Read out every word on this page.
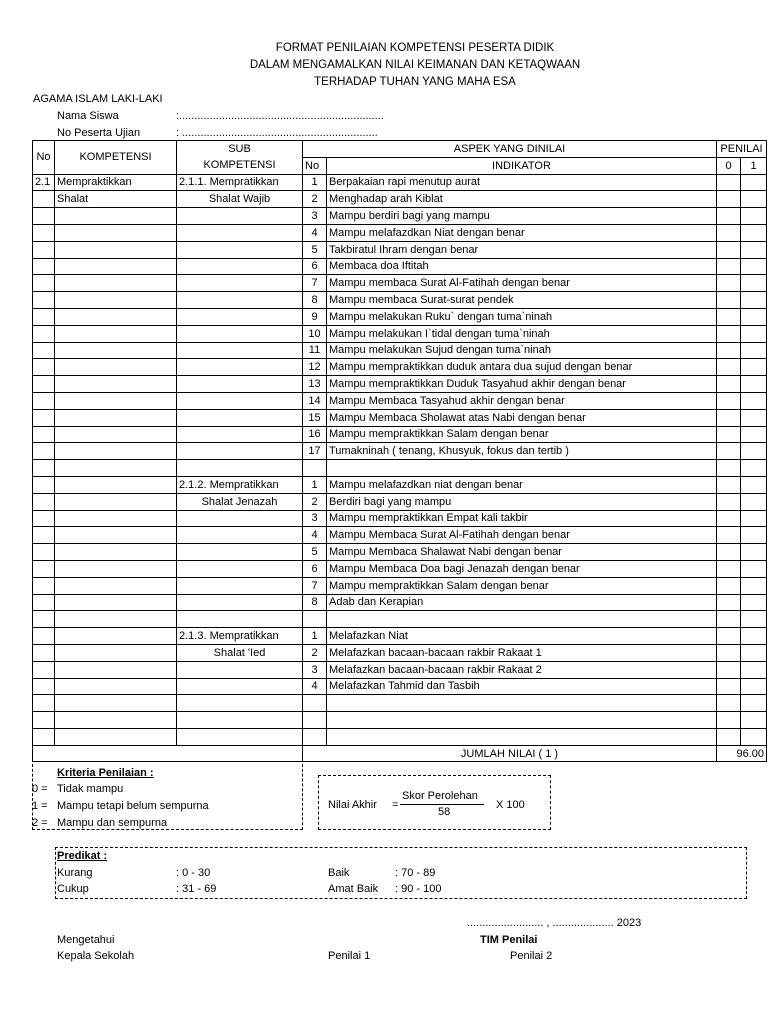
FORMAT PENILAIAN KOMPETENSI PESERTA DIDIK
DALAM MENGAMALKAN NILAI KEIMANAN DAN KETAQWAAN
TERHADAP TUHAN YANG MAHA ESA
AGAMA ISLAM LAKI-LAKI
Nama Siswa	:...................................................................
No Peserta Ujian	: ................................................................
No	KOMPETENSI	SUB	ASPEK YANG DINILAI		PENILAI	
		KOMPETENSI	No	INDIKATOR	0	1
2.1	Mempraktikkan	2.1.1. Mempratikkan	1	Berpakaian rapi menutup aurat		
	Shalat	Shalat Wajib	2	Menghadap arah Kiblat		
			3	Mampu berdiri bagi yang mampu		
			4	Mampu melafazdkan Niat dengan benar		
			5	Takbiratul Ihram dengan benar		
			6	Membaca doa Iftitah		
			7	Mampu membaca Surat Al-Fatihah dengan benar		
			8	Mampu membaca Surat-surat pendek		
			9	Mampu melakukan Ruku` dengan tuma`ninah		
			10	Mampu melakukan I`tidal dengan tuma`ninah		
			11	Mampu melakukan Sujud dengan tuma`ninah		
			12	Mampu mempraktikkan duduk antara dua sujud dengan benar		
			13	Mampu mempraktikkan Duduk Tasyahud akhir dengan benar		
			14	Mampu Membaca Tasyahud akhir dengan benar		
			15	Mampu Membaca Sholawat atas Nabi dengan benar		
			16	Mampu mempraktikkan Salam dengan benar		
			17	Tumakninah ( tenang, Khusyuk, fokus dan tertib )		

		2.1.2. Mempratikkan	1	Mampu melafazdkan niat dengan benar		
		Shalat Jenazah	2	Berdiri bagi yang mampu		
			3	Mampu mempraktikkan Empat kali takbir		
			4	Mampu Membaca Surat Al-Fatihah dengan benar		
			5	Mampu Membaca Shalawat Nabi dengan benar		
			6	Mampu Membaca Doa bagi Jenazah dengan benar		
			7	Mampu mempraktikkan Salam dengan benar		
			8	Adab dan Kerapian		

		2.1.3. Mempratikkan	1	Melafazkan Niat		
		Shalat 'Ied	2	Melafazkan bacaan-bacaan rakbir Rakaat 1		
			3	Melafazkan bacaan-bacaan rakbir Rakaat 2		
			4	Melafazkan Tahmid dan Tasbih		

			JUMLAH NILAI ( 1 )		96.00	
Kriteria Penilaian :
0 = Tidak mampu
1 = Mampu tetapi belum sempurna
2 = Mampu dan sempurna
Nilai Akhir =
Skor Perolehan
58
X 100
Predikat :
Kurang	: 0 - 30
Cukup	: 31 - 69
Baik	: 70 - 89
Amat Baik : 90 - 100
......................... , .................... 2023
Mengetahui	TIM Penilai
Kepala Sekolah	Penilai 1	Penilai 2
